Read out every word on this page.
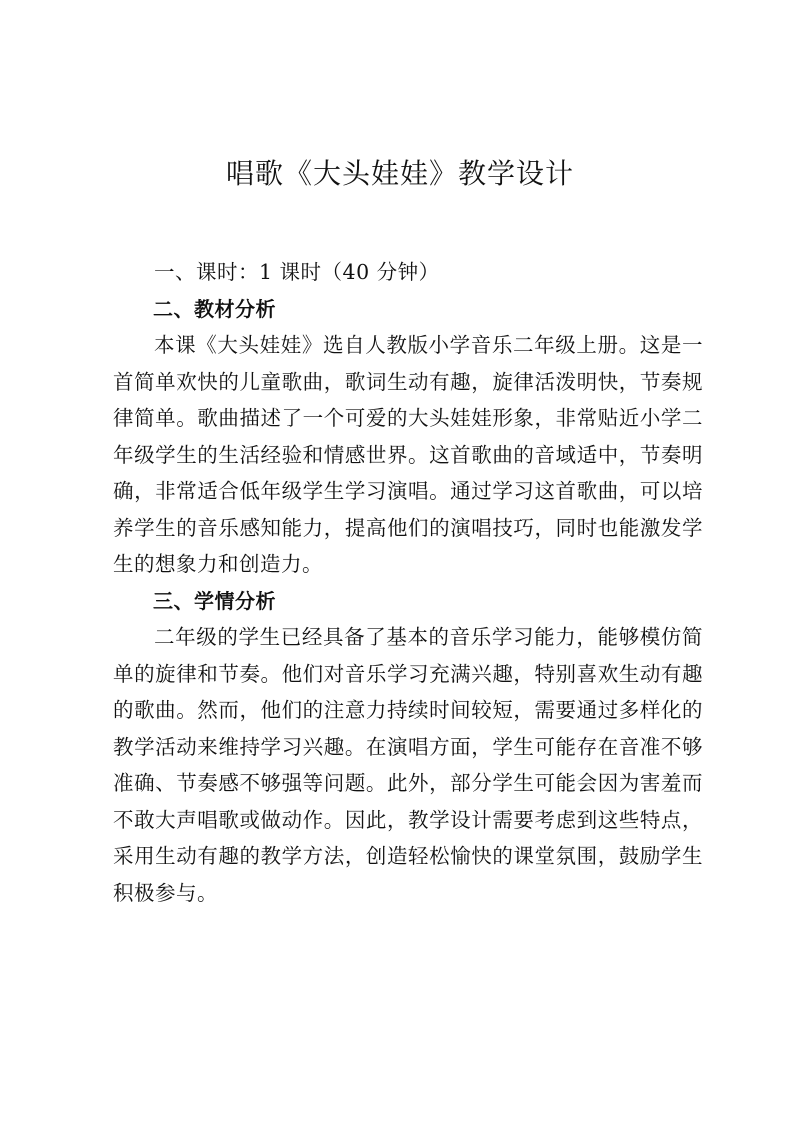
唱歌《大头娃娃》教学设计

一、课时：1 课时（40 分钟）

二、教材分析

本课《大头娃娃》选自人教版小学音乐二年级上册。这是一首简单欢快的儿童歌曲，歌词生动有趣，旋律活泼明快，节奏规律简单。歌曲描述了一个可爱的大头娃娃形象，非常贴近小学二年级学生的生活经验和情感世界。这首歌曲的音域适中，节奏明确，非常适合低年级学生学习演唱。通过学习这首歌曲，可以培养学生的音乐感知能力，提高他们的演唱技巧，同时也能激发学生的想象力和创造力。

三、学情分析

二年级的学生已经具备了基本的音乐学习能力，能够模仿简单的旋律和节奏。他们对音乐学习充满兴趣，特别喜欢生动有趣的歌曲。然而，他们的注意力持续时间较短，需要通过多样化的教学活动来维持学习兴趣。在演唱方面，学生可能存在音准不够准确、节奏感不够强等问题。此外，部分学生可能会因为害羞而不敢大声唱歌或做动作。因此，教学设计需要考虑到这些特点，采用生动有趣的教学方法，创造轻松愉快的课堂氛围，鼓励学生积极参与。
